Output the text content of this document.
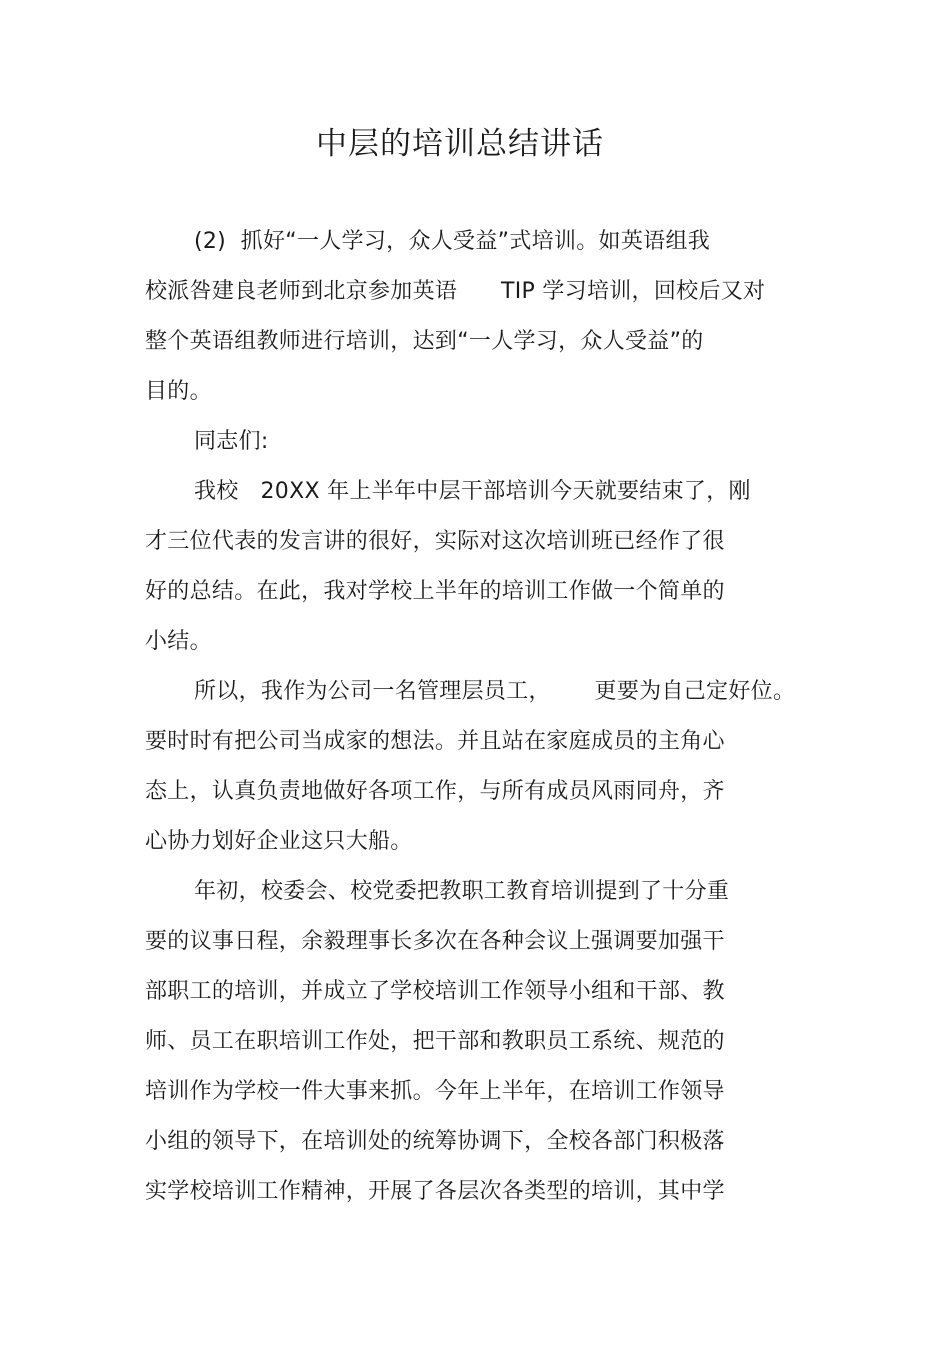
中层的培训总结讲话

(2)  抓好“一人学习，众人受益”式培训。如英语组我

校派咎建良老师到北京参加英语      TIP 学习培训，回校后又对

整个英语组教师进行培训，达到“一人学习，众人受益”的

目的。

同志们:

我校   20XX 年上半年中层干部培训今天就要结束了，刚

才三位代表的发言讲的很好，实际对这次培训班已经作了很

好的总结。在此，我对学校上半年的培训工作做一个简单的

小结。

所以，我作为公司一名管理层员工，      更要为自己定好位。

要时时有把公司当成家的想法。并且站在家庭成员的主角心

态上，认真负责地做好各项工作，与所有成员风雨同舟，齐

心协力划好企业这只大船。

年初，校委会、校党委把教职工教育培训提到了十分重

要的议事日程，余毅理事长多次在各种会议上强调要加强干

部职工的培训，并成立了学校培训工作领导小组和干部、教

师、员工在职培训工作处，把干部和教职员工系统、规范的

培训作为学校一件大事来抓。今年上半年，在培训工作领导

小组的领导下，在培训处的统筹协调下，全校各部门积极落

实学校培训工作精神，开展了各层次各类型的培训，其中学
